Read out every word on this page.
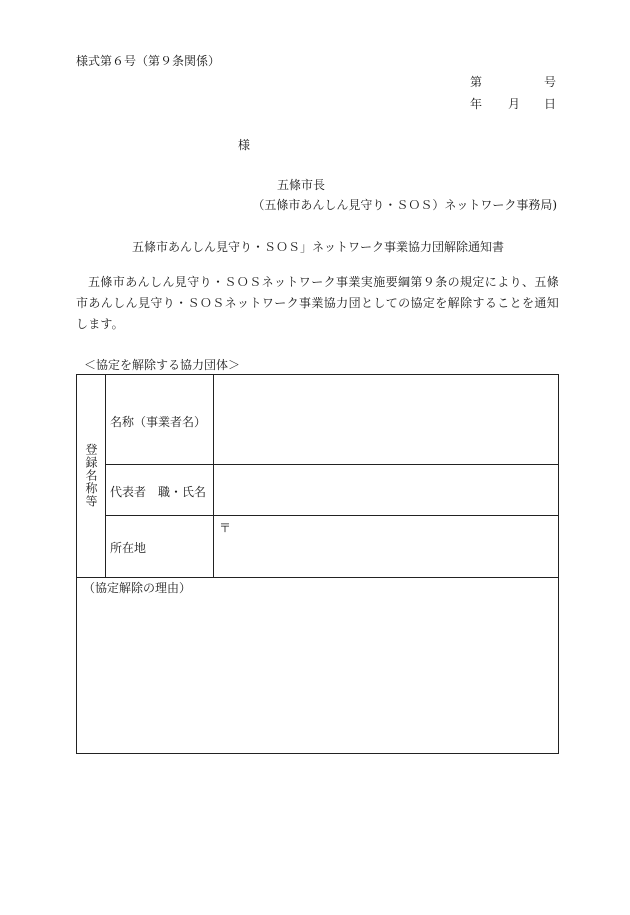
様式第６号（第９条関係）
第	号
年 月 日
様
五條市長
（五條市あんしん見守り・ＳＯＳ）ネットワーク事務局)
五條市あんしん見守り・ＳＯＳ」ネットワーク事業協力団解除通知書
五條市あんしん見守り・ＳＯＳネットワーク事業実施要綱第９条の規定により、五條市あんしん見守り・ＳＯＳネットワーク事業協力団としての協定を解除することを通知します。
＜協定を解除する協力団体＞
登録名称等
名称（事業者名）
代表者　職・氏名
所在地
〒
（協定解除の理由）
